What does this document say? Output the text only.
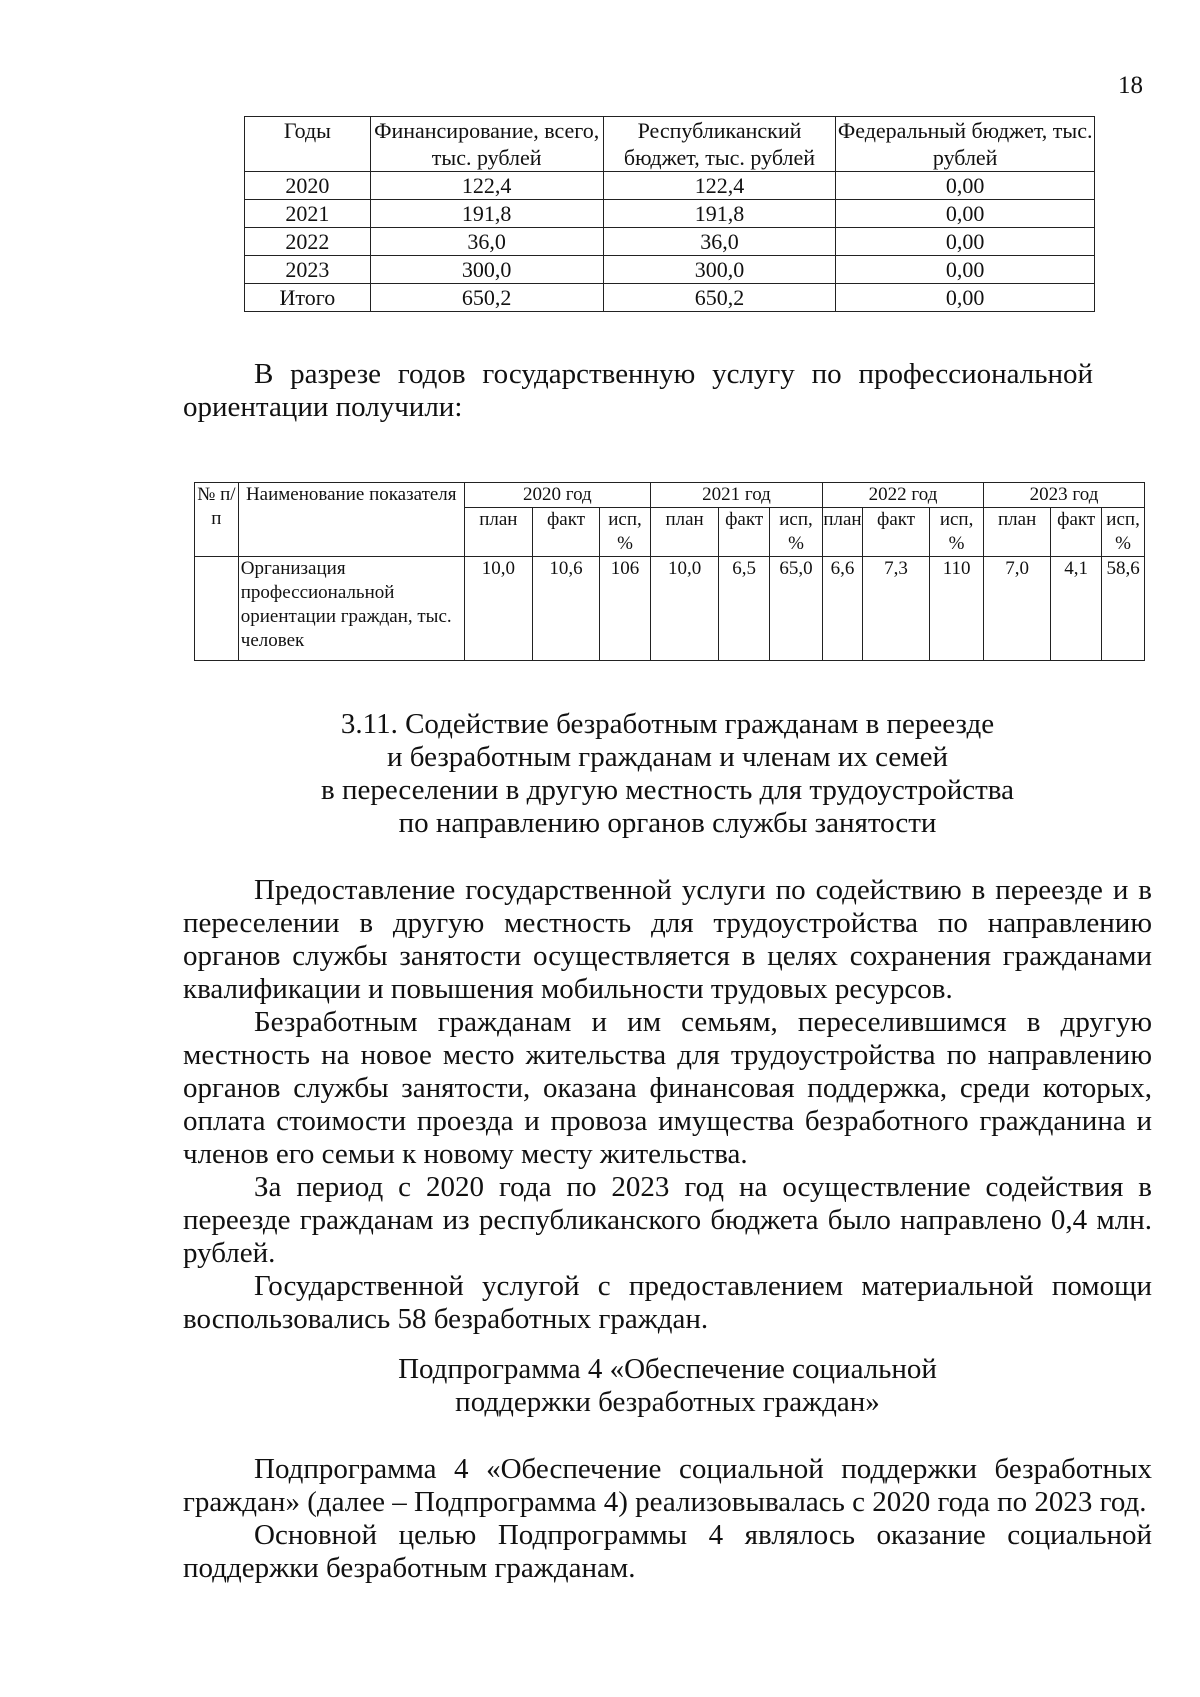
18
Годы	Финансирование, всего, тыс. рублей	Республиканский бюджет, тыс. рублей	Федеральный бюджет, тыс. рублей
2020	122,4	122,4	0,00
2021	191,8	191,8	0,00
2022	36,0	36,0	0,00
2023	300,0	300,0	0,00
Итого	650,2	650,2	0,00

В разрезе годов государственную услугу по профессиональной ориентации получили:

№ п/п	Наименование показателя	2020 год			2021 год			2022 год			2023 год		
		план	факт	исп, %	план	факт	исп, %	план	факт	исп, %	план	факт	исп, %
	Организация профессиональной ориентации граждан, тыс. человек	10,0	10,6	106	10,0	6,5	65,0	6,6	7,3	110	7,0	4,1	58,6
3.11. Содействие безработным гражданам в переезде
и безработным гражданам и членам их семей
в переселении в другую местность для трудоустройства
по направлению органов службы занятости

Предоставление государственной услуги по содействию в переезде и в переселении в другую местность для трудоустройства по направлению органов службы занятости осуществляется в целях сохранения гражданами квалификации и повышения мобильности трудовых ресурсов.

Безработным гражданам и им семьям, переселившимся в другую местность на новое место жительства для трудоустройства по направлению органов службы занятости, оказана финансовая поддержка, среди которых, оплата стоимости проезда и провоза имущества безработного гражданина и членов его семьи к новому месту жительства.

За период с 2020 года по 2023 год на осуществление содействия в переезде гражданам из республиканского бюджета было направлено 0,4 млн. рублей.

Государственной услугой с предоставлением материальной помощи воспользовались 58 безработных граждан.

Подпрограмма 4 «Обеспечение социальной
поддержки безработных граждан»

Подпрограмма 4 «Обеспечение социальной поддержки безработных граждан» (далее – Подпрограмма 4) реализовывалась с 2020 года по 2023 год.

Основной целью Подпрограммы 4 являлось оказание социальной поддержки безработным гражданам.
